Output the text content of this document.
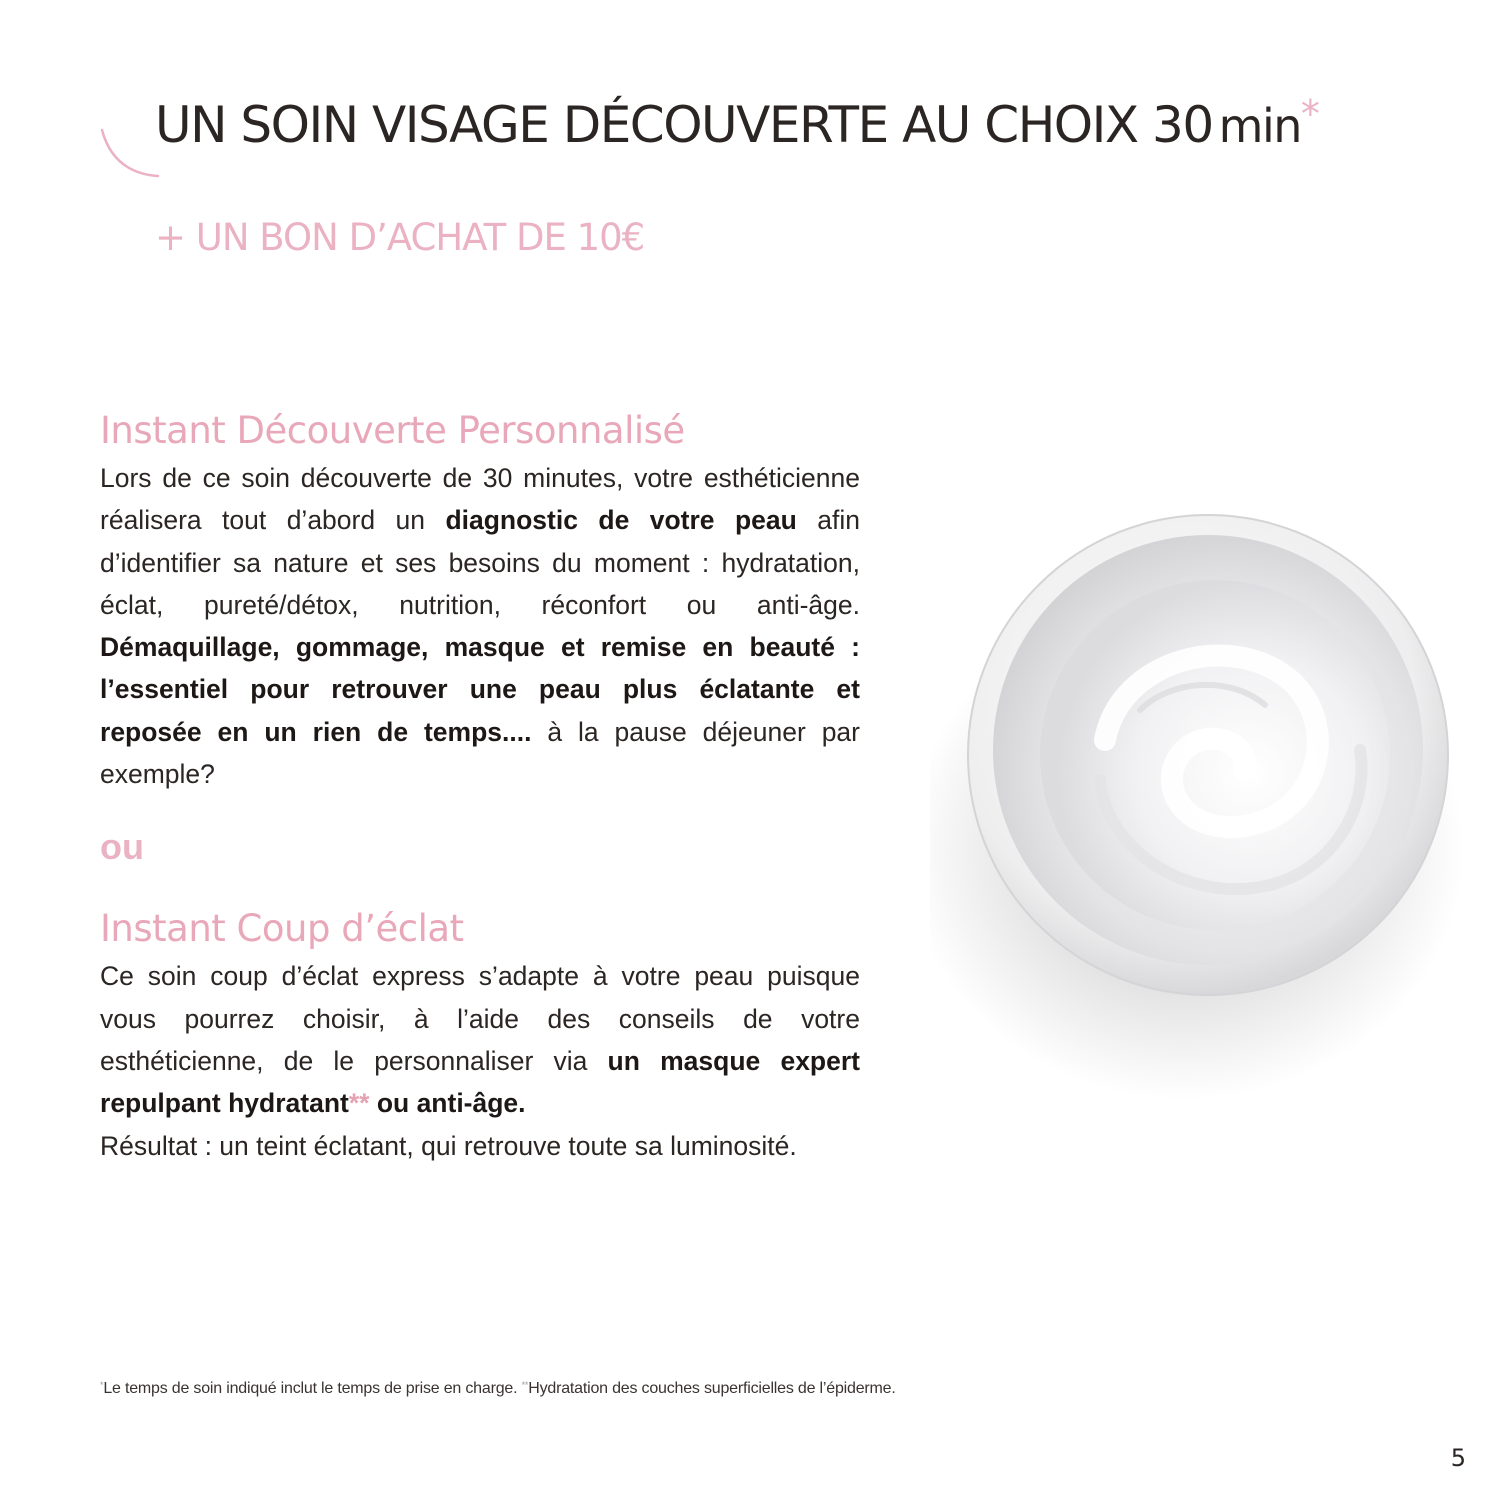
UN SOIN VISAGE DÉCOUVERTE AU CHOIX 30 min*
+ UN BON D’ACHAT DE 10€
Instant Découverte Personnalisé

Lors de ce soin découverte de 30 minutes, votre esthéticienne réalisera tout d’abord un diagnostic de votre peau afin d’identifier sa nature et ses besoins du moment : hydratation, éclat, pureté/détox, nutrition, réconfort ou anti-âge. Démaquillage, gommage, masque et remise en beauté : l’essentiel pour retrouver une peau plus éclatante et reposée en un rien de temps.... à la pause déjeuner par exemple?

ou

Instant Coup d’éclat

Ce soin coup d’éclat express s’adapte à votre peau puisque vous pourrez choisir, à l’aide des conseils de votre esthéticienne, de le personnaliser via un masque expert repulpant hydratant** ou anti-âge.

Résultat : un teint éclatant, qui retrouve toute sa luminosité.

*Le temps de soin indiqué inclut le temps de prise en charge. **Hydratation des couches superficielles de l’épiderme.

5
